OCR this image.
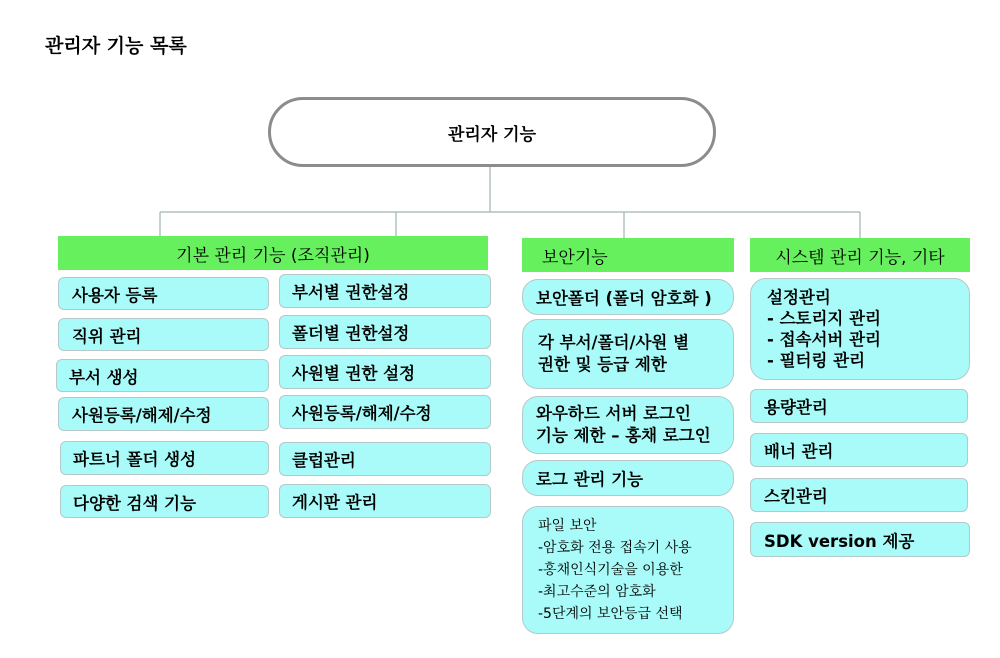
관리자 기능 목록
관리자 기능
기본 관리 기능 (조직관리)
사용자 등록
직위 관리
부서 생성
사원등록/해제/수정
파트너 폴더 생성
다양한 검색 기능
부서별 권한설정
폴더별 권한설정
사원별 권한 설정
사원등록/해제/수정
클럽관리
게시판 관리
보안기능
보안폴더 (폴더 암호화 )
각 부서/폴더/사원 별
권한 및 등급 제한
와우하드 서버 로그인
기능 제한 – 홍채 로그인
로그 관리 기능
파일 보안
-암호화 전용 접속기 사용
-홍채인식기술을 이용한
-최고수준의 암호화
-5단계의 보안등급 선택
시스템 관리 기능, 기타
설정관리
- 스토리지 관리
- 접속서버 관리
- 필터링 관리
용량관리
배너 관리
스킨관리
SDK version 제공
